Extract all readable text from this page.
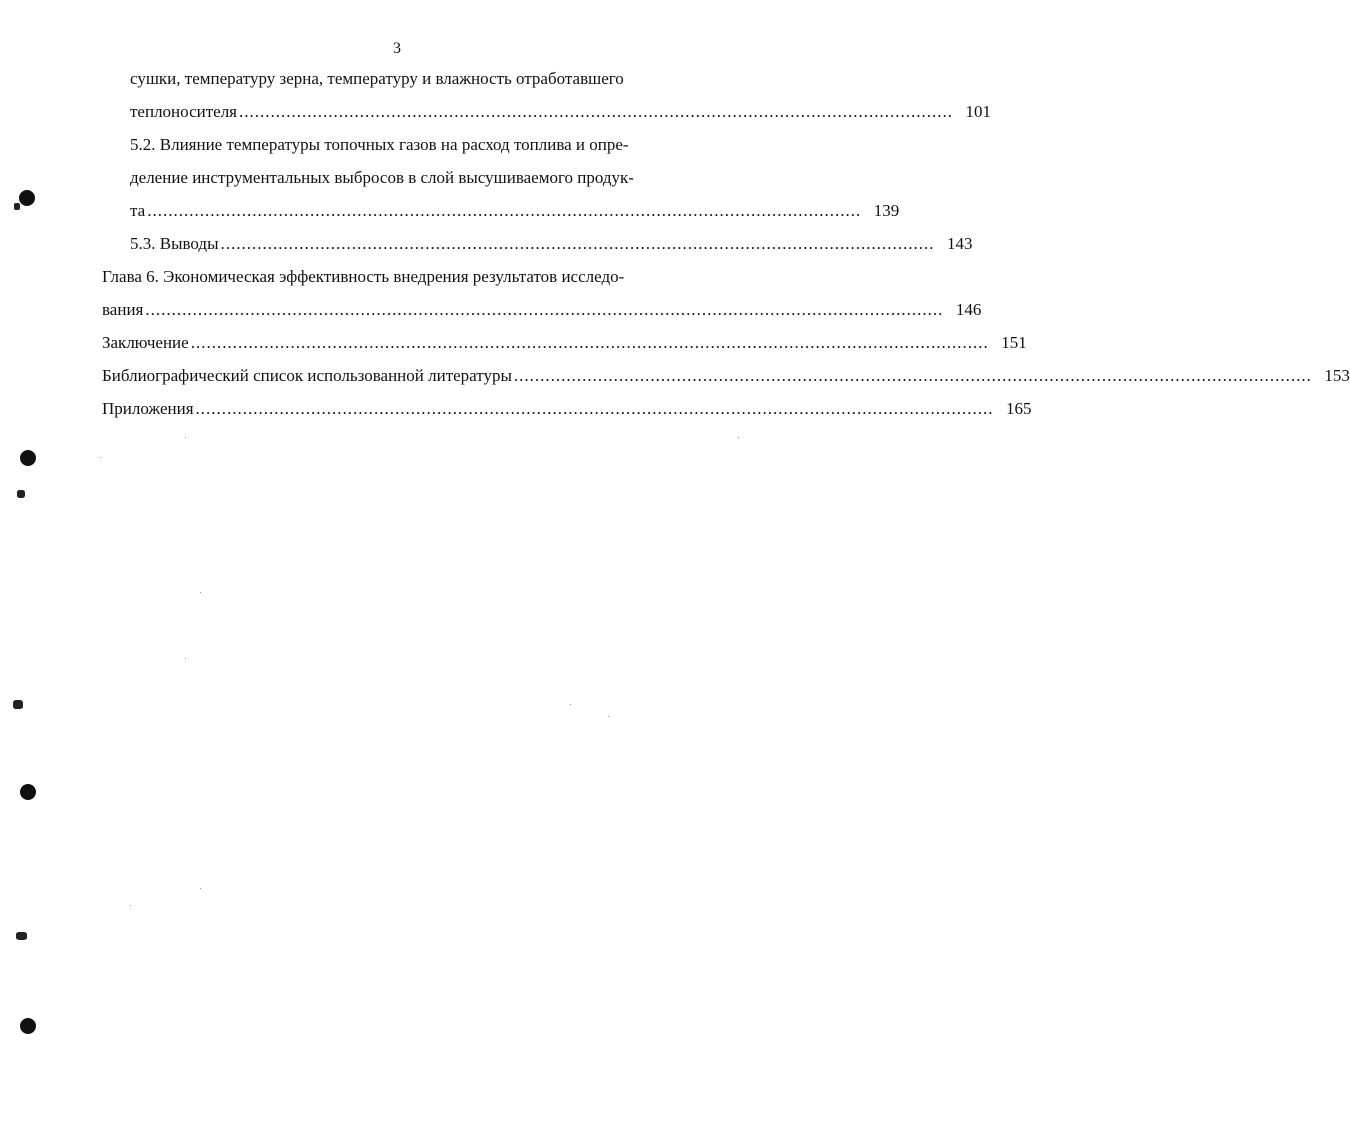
3
сушки, температуру зерна, температуру и влажность отработавшего
теплоносителя ........................................................................................................................................ 101
5.2. Влияние температуры топочных газов на расход топлива и опре-
деление инструментальных выбросов в слой высушиваемого продук-
та ........................................................................................................................................ 139
5.3. Выводы ........................................................................................................................................ 143
Глава 6. Экономическая эффективность внедрения результатов исследо-
вания ........................................................................................................................................................ 146
Заключение ........................................................................................................................................................ 151
Библиографический список использованной литературы ........................................................................................................................................................ 153
Приложения ........................................................................................................................................................ 165
